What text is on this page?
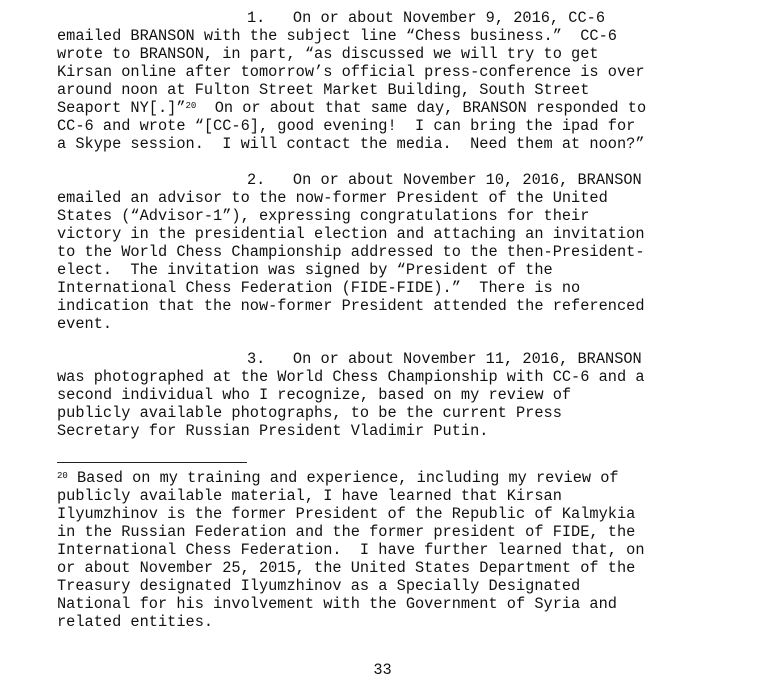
1. On or about November 9, 2016, CC-6
emailed BRANSON with the subject line “Chess business.”  CC-6
wrote to BRANSON, in part, “as discussed we will try to get
Kirsan online after tomorrow’s official press-conference is over
around noon at Fulton Street Market Building, South Street
Seaport NY[.]”$^{20}$ On or about that same day, BRANSON responded to
CC-6 and wrote “[CC-6], good evening!  I can bring the ipad for
a Skype session.  I will contact the media.  Need them at noon?”
2. On or about November 10, 2016, BRANSON
emailed an advisor to the now-former President of the United
States (“Advisor-1”), expressing congratulations for their
victory in the presidential election and attaching an invitation
to the World Chess Championship addressed to the then-President-
elect.  The invitation was signed by “President of the
International Chess Federation (FIDE-FIDE).”  There is no
indication that the now-former President attended the referenced
event.
3. On or about November 11, 2016, BRANSON
was photographed at the World Chess Championship with CC-6 and a
second individual who I recognize, based on my review of
publicly available photographs, to be the current Press
Secretary for Russian President Vladimir Putin.
$^{20}$ Based on my training and experience, including my review of
publicly available material, I have learned that Kirsan
Ilyumzhinov is the former President of the Republic of Kalmykia
in the Russian Federation and the former president of FIDE, the
International Chess Federation.  I have further learned that, on
or about November 25, 2015, the United States Department of the
Treasury designated Ilyumzhinov as a Specially Designated
National for his involvement with the Government of Syria and
related entities.
33
